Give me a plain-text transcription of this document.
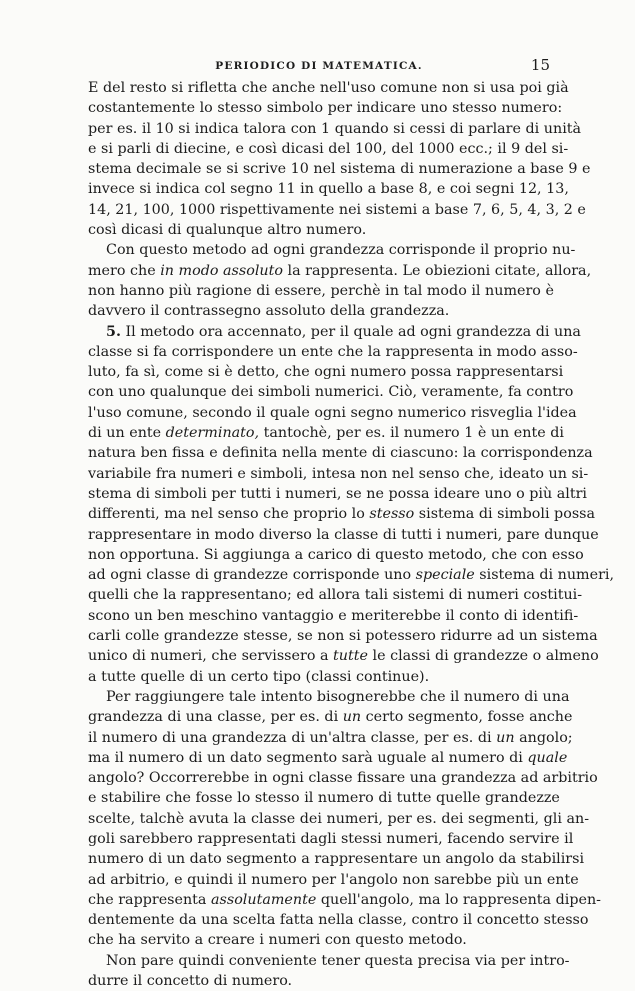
PERIODICO DI MATEMATICA.	15
E del resto si rifletta che anche nell'uso comune non si usa poi già
costantemente lo stesso simbolo per indicare uno stesso numero:
per es. il 10 si indica talora con 1 quando si cessi di parlare di unità
e si parli di diecine, e così dicasi del 100, del 1000 ecc.; il 9 del si-
stema decimale se si scrive 10 nel sistema di numerazione a base 9 e
invece si indica col segno 11 in quello a base 8, e coi segni 12, 13,
14, 21, 100, 1000 rispettivamente nei sistemi a base 7, 6, 5, 4, 3, 2 e
così dicasi di qualunque altro numero.
Con questo metodo ad ogni grandezza corrisponde il proprio nu-
mero che in modo assoluto la rappresenta. Le obiezioni citate, allora,
non hanno più ragione di essere, perchè in tal modo il numero è
davvero il contrassegno assoluto della grandezza.
5. Il metodo ora accennato, per il quale ad ogni grandezza di una
classe si fa corrispondere un ente che la rappresenta in modo asso-
luto, fa sì, come si è detto, che ogni numero possa rappresentarsi
con uno qualunque dei simboli numerici. Ciò, veramente, fa contro
l'uso comune, secondo il quale ogni segno numerico risveglia l'idea
di un ente determinato, tantochè, per es. il numero 1 è un ente di
natura ben fissa e definita nella mente di ciascuno: la corrispondenza
variabile fra numeri e simboli, intesa non nel senso che, ideato un si-
stema di simboli per tutti i numeri, se ne possa ideare uno o più altri
differenti, ma nel senso che proprio lo stesso sistema di simboli possa
rappresentare in modo diverso la classe di tutti i numeri, pare dunque
non opportuna. Si aggiunga a carico di questo metodo, che con esso
ad ogni classe di grandezze corrisponde uno speciale sistema di numeri,
quelli che la rappresentano; ed allora tali sistemi di numeri costitui-
scono un ben meschino vantaggio e meriterebbe il conto di identifi-
carli colle grandezze stesse, se non si potessero ridurre ad un sistema
unico di numeri, che servissero a tutte le classi di grandezze o almeno
a tutte quelle di un certo tipo (classi continue).
Per raggiungere tale intento bisognerebbe che il numero di una
grandezza di una classe, per es. di un certo segmento, fosse anche
il numero di una grandezza di un'altra classe, per es. di un angolo;
ma il numero di un dato segmento sarà uguale al numero di quale
angolo? Occorrerebbe in ogni classe fissare una grandezza ad arbitrio
e stabilire che fosse lo stesso il numero di tutte quelle grandezze
scelte, talchè avuta la classe dei numeri, per es. dei segmenti, gli an-
goli sarebbero rappresentati dagli stessi numeri, facendo servire il
numero di un dato segmento a rappresentare un angolo da stabilirsi
ad arbitrio, e quindi il numero per l'angolo non sarebbe più un ente
che rappresenta assolutamente quell'angolo, ma lo rappresenta dipen-
dentemente da una scelta fatta nella classe, contro il concetto stesso
che ha servito a creare i numeri con questo metodo.
Non pare quindi conveniente tener questa precisa via per intro-
durre il concetto di numero.
